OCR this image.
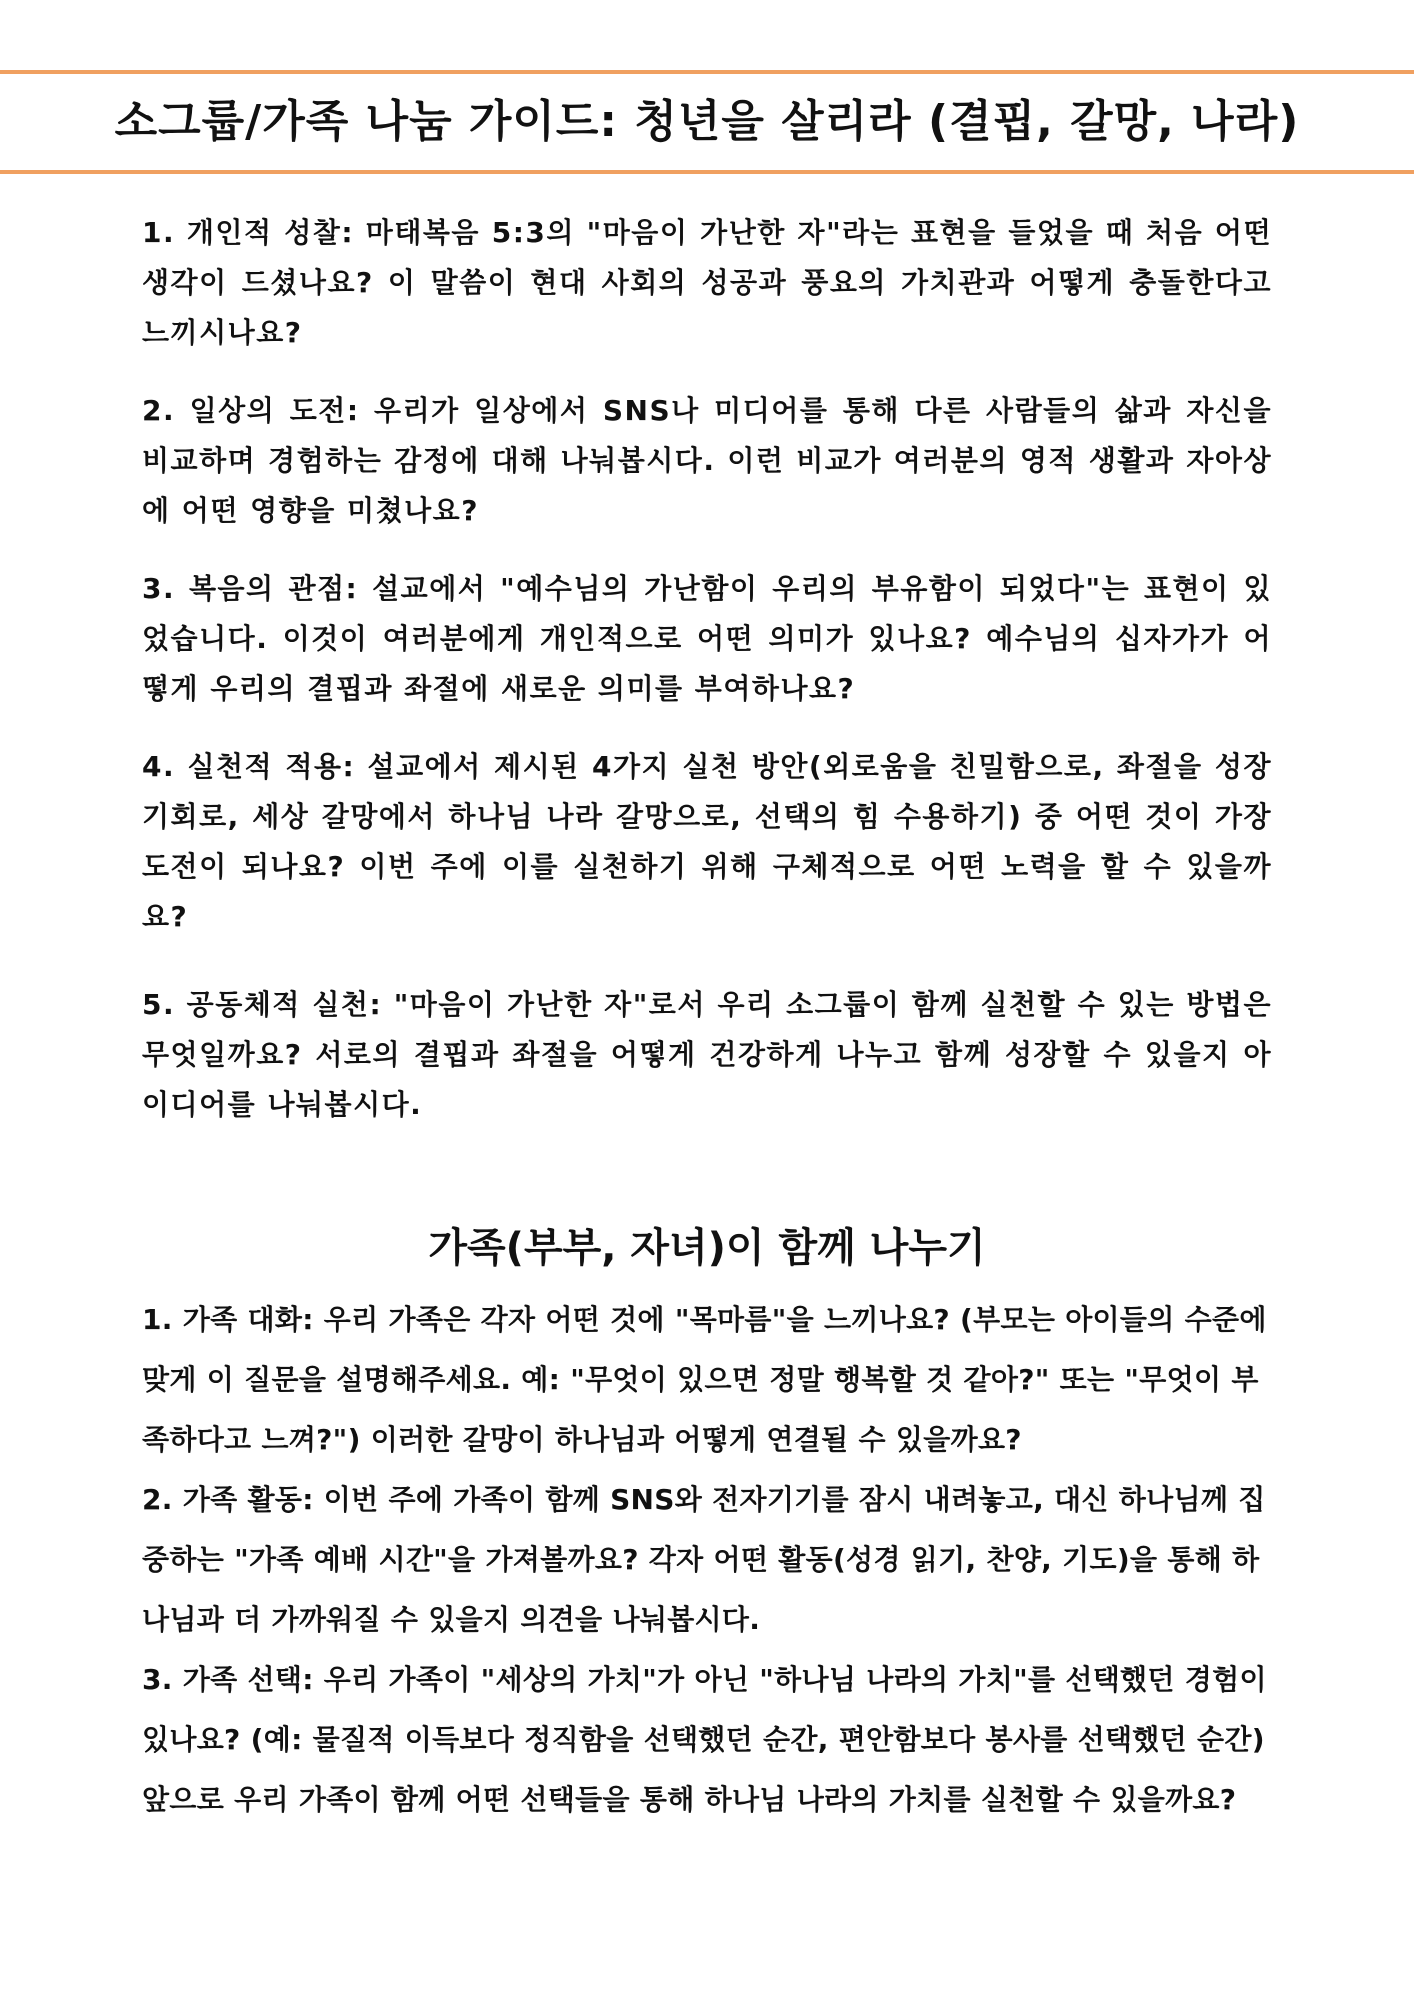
소그룹/가족 나눔 가이드: 청년을 살리라 (결핍, 갈망, 나라)

1. 개인적 성찰: 마태복음 5:3의 "마음이 가난한 자"라는 표현을 들었을 때 처음 어떤 생각이 드셨나요? 이 말씀이 현대 사회의 성공과 풍요의 가치관과 어떻게 충돌한다고 느끼시나요?

2. 일상의 도전: 우리가 일상에서 SNS나 미디어를 통해 다른 사람들의 삶과 자신을 비교하며 경험하는 감정에 대해 나눠봅시다. 이런 비교가 여러분의 영적 생활과 자아상에 어떤 영향을 미쳤나요?

3. 복음의 관점: 설교에서 "예수님의 가난함이 우리의 부유함이 되었다"는 표현이 있었습니다. 이것이 여러분에게 개인적으로 어떤 의미가 있나요? 예수님의 십자가가 어떻게 우리의 결핍과 좌절에 새로운 의미를 부여하나요?

4. 실천적 적용: 설교에서 제시된 4가지 실천 방안(외로움을 친밀함으로, 좌절을 성장 기회로, 세상 갈망에서 하나님 나라 갈망으로, 선택의 힘 수용하기) 중 어떤 것이 가장 도전이 되나요? 이번 주에 이를 실천하기 위해 구체적으로 어떤 노력을 할 수 있을까요?

5. 공동체적 실천: "마음이 가난한 자"로서 우리 소그룹이 함께 실천할 수 있는 방법은 무엇일까요? 서로의 결핍과 좌절을 어떻게 건강하게 나누고 함께 성장할 수 있을지 아이디어를 나눠봅시다.

가족(부부, 자녀)이 함께 나누기

1. 가족 대화: 우리 가족은 각자 어떤 것에 "목마름"을 느끼나요? (부모는 아이들의 수준에 맞게 이 질문을 설명해주세요. 예: "무엇이 있으면 정말 행복할 것 같아?" 또는 "무엇이 부족하다고 느껴?") 이러한 갈망이 하나님과 어떻게 연결될 수 있을까요?

2. 가족 활동: 이번 주에 가족이 함께 SNS와 전자기기를 잠시 내려놓고, 대신 하나님께 집중하는 "가족 예배 시간"을 가져볼까요? 각자 어떤 활동(성경 읽기, 찬양, 기도)을 통해 하나님과 더 가까워질 수 있을지 의견을 나눠봅시다.

3. 가족 선택: 우리 가족이 "세상의 가치"가 아닌 "하나님 나라의 가치"를 선택했던 경험이 있나요? (예: 물질적 이득보다 정직함을 선택했던 순간, 편안함보다 봉사를 선택했던 순간) 앞으로 우리 가족이 함께 어떤 선택들을 통해 하나님 나라의 가치를 실천할 수 있을까요?
